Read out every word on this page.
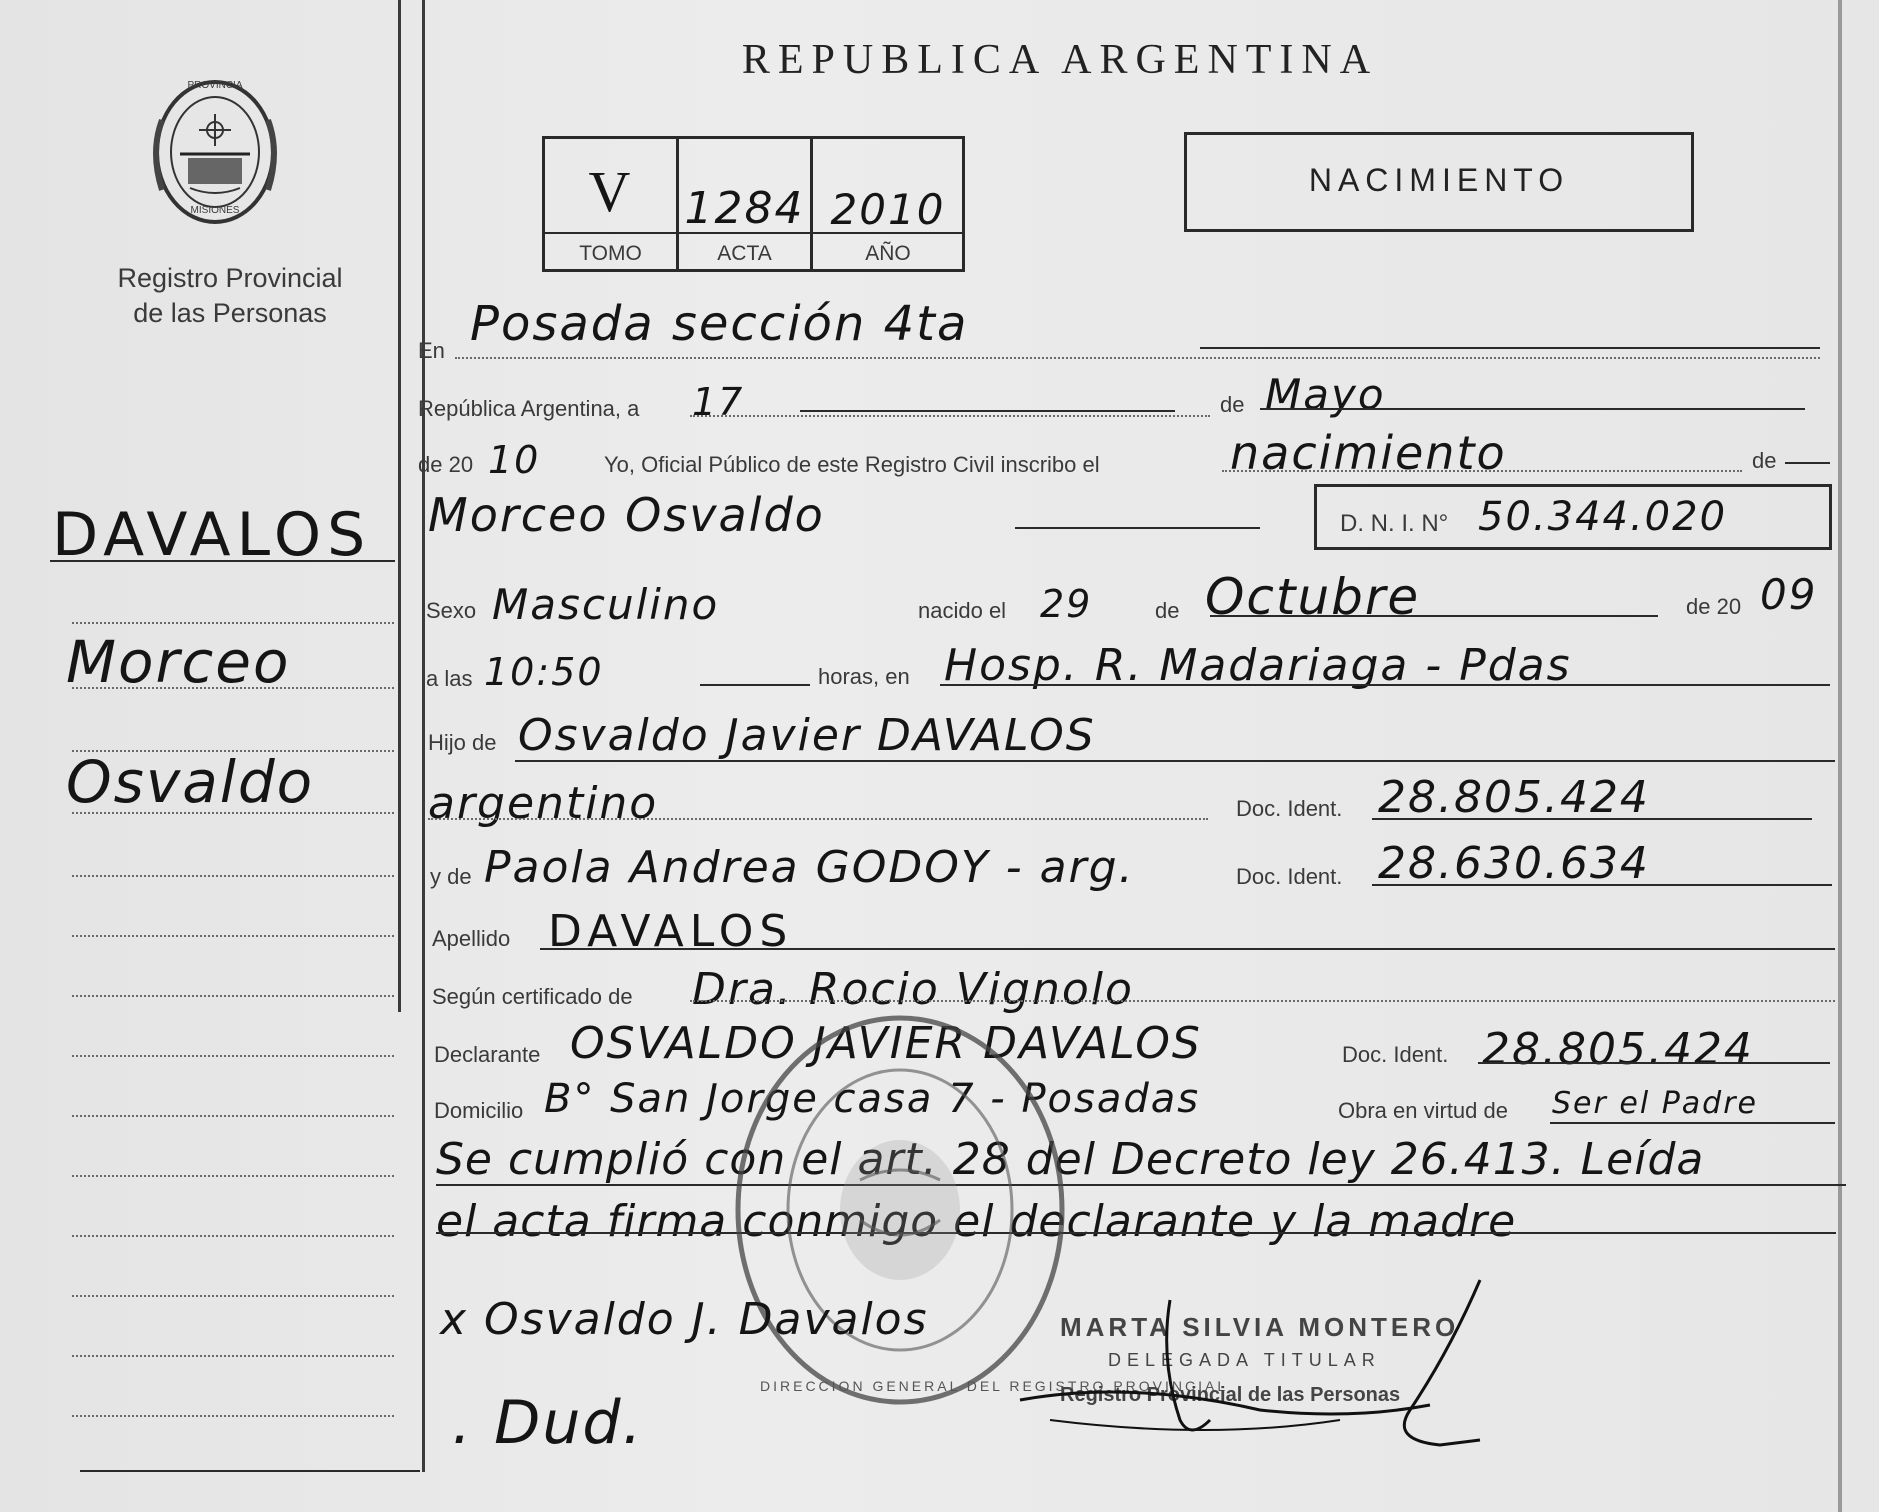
PROVINCIA
MISIONES
Registro Provincial
de las Personas
REPUBLICA ARGENTINA
V	1284 2010
TOMO	ACTA	AÑO
NACIMIENTO
DAVALOS
Morceo
Osvaldo
En Posada sección 4ta
República Argentina, a 17	de Mayo
de 20 10	Yo, Oficial Público de este Registro Civil inscribo el	nacimiento	de
Morceo Osvaldo	D. N. I. N° 50.344.020
Sexo Masculino	nacido el 29	de Octubre	de 20 09
a las 10:50	horas, en Hosp. R. Madariaga - Pdas
Hijo de Osvaldo Javier DAVALOS
argentino	Doc. Ident. 28.805.424
y de Paola Andrea GODOY - arg.	Doc. Ident. 28.630.634
Apellido DAVALOS
Según certificado de Dra. Rocio Vignolo
Declarante OSVALDO JAVIER DAVALOS	Doc. Ident. 28.805.424
Domicilio B° San Jorge casa 7 - Posadas	Obra en virtud de Ser el Padre
Se cumplió con el art. 28 del Decreto ley 26.413. Leída
el acta firma conmigo el declarante y la madre
DIRECCION GENERAL DEL REGISTRO PROVINCIAL
MARTA SILVIA MONTERO
DELEGADA TITULAR
Registro Provincial de las Personas
x Osvaldo J. Davalos
. Dud.
